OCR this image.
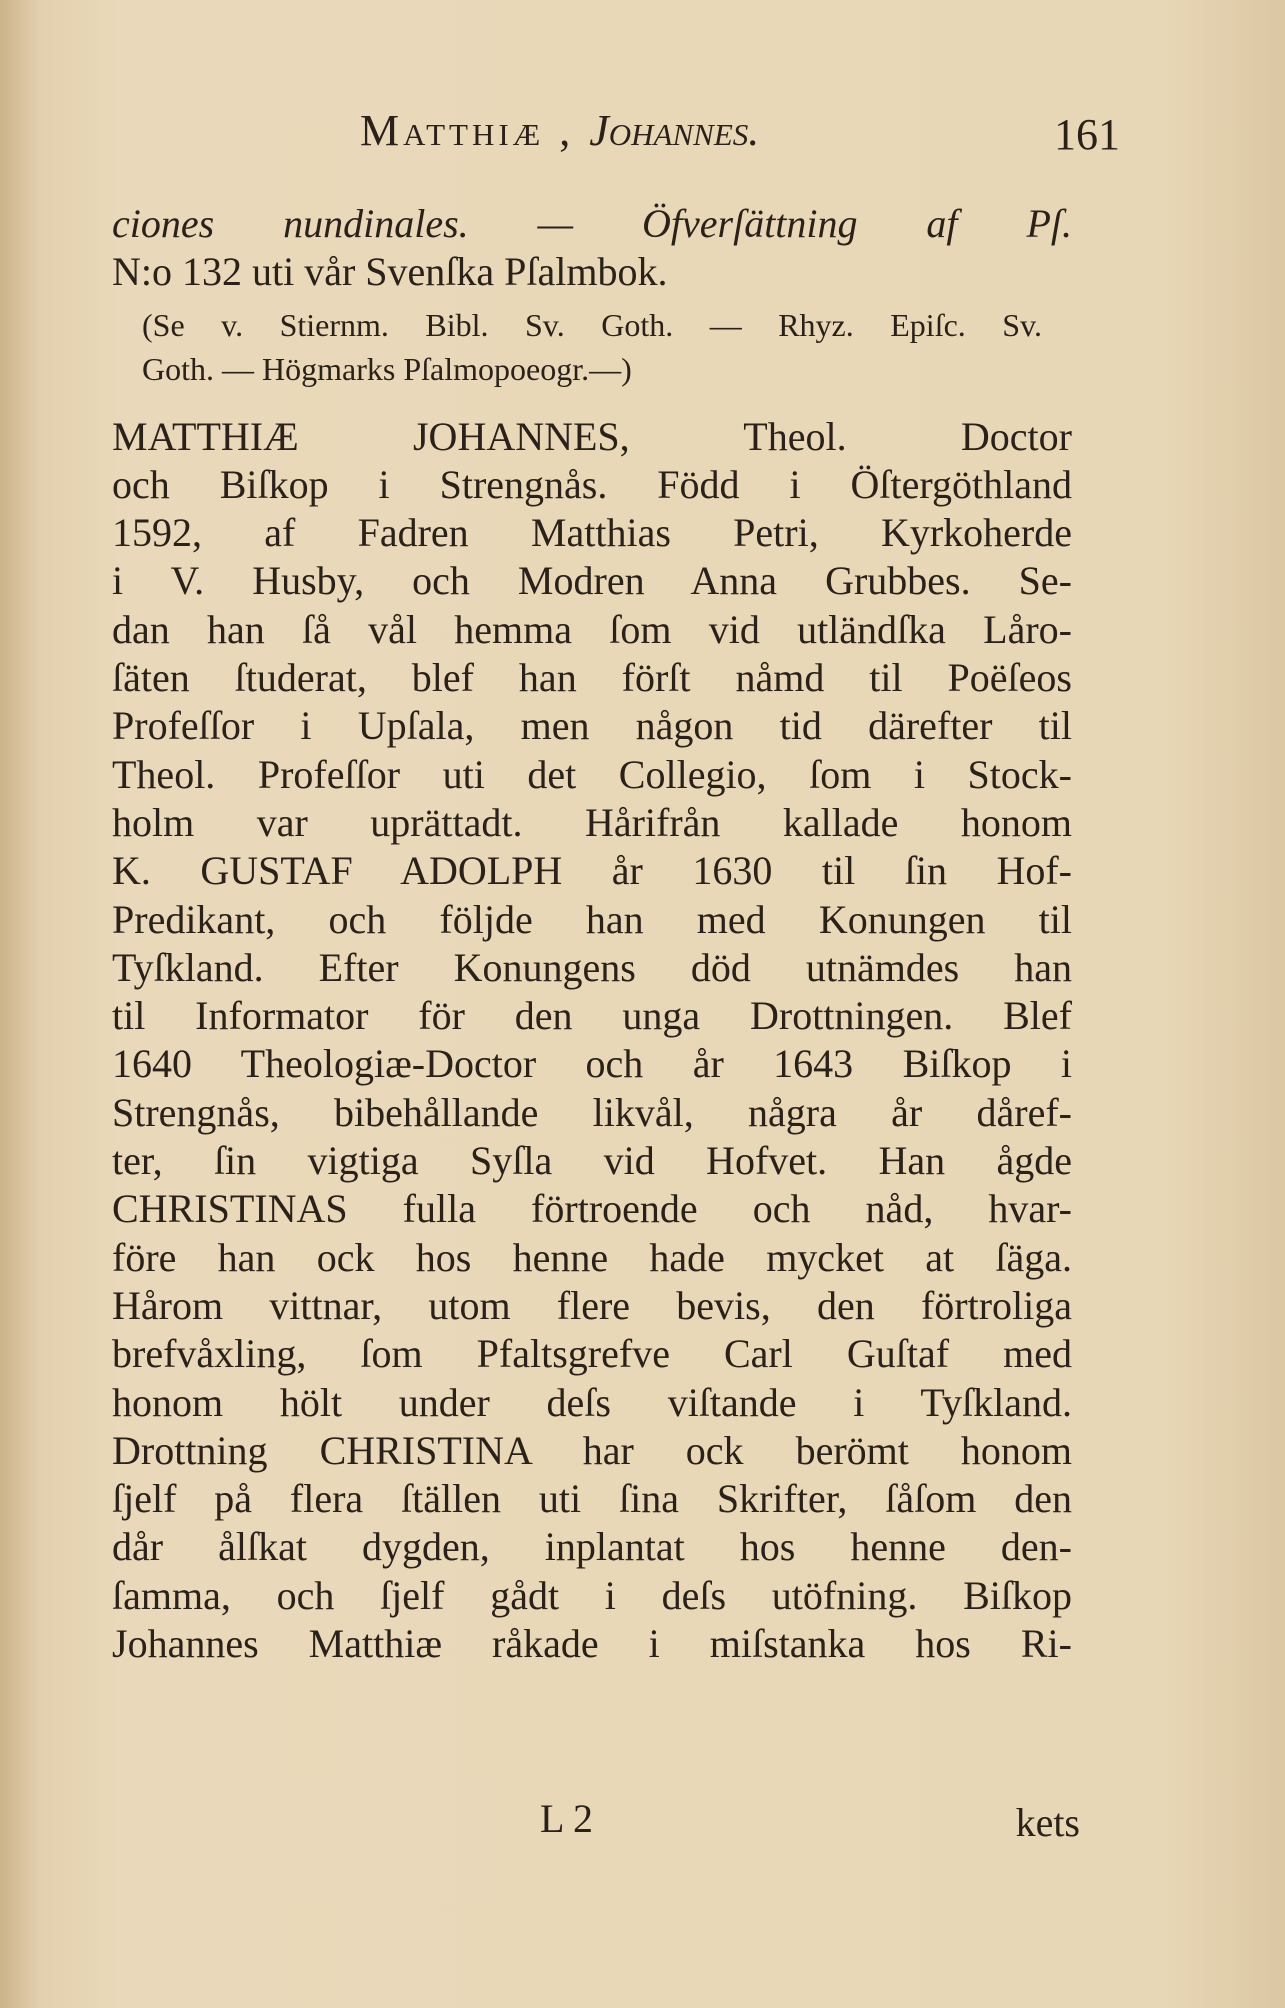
Matthiæ , Johannes.	161
ciones nundinales. — Öfverſättning af Pſ.
N:o 132 uti vår Svenſka Pſalmbok.
(Se v. Stiernm. Bibl. Sv. Goth. — Rhyz. Epiſc. Sv.
Goth. — Högmarks Pſalmopoeogr.—)
MATTHIÆ JOHANNES, Theol. Doctor
och Biſkop i Strengnås. Född i Öſtergöthland
1592, af Fadren Matthias Petri, Kyrkoherde
i V. Husby, och Modren Anna Grubbes. Se-
dan han ſå vål hemma ſom vid utländſka Låro-
ſäten ſtuderat, blef han förſt nåmd til Poëſeos
Profeſſor i Upſala, men någon tid därefter til
Theol. Profeſſor uti det Collegio, ſom i Stock-
holm var uprättadt. Hårifrån kallade honom
K. GUSTAF ADOLPH år 1630 til ſin Hof-
Predikant, och följde han med Konungen til
Tyſkland. Efter Konungens död utnämdes han
til Informator för den unga Drottningen. Blef
1640 Theologiæ-Doctor och år 1643 Biſkop i
Strengnås, bibehållande likvål, några år dåref-
ter, ſin vigtiga Syſla vid Hofvet. Han ågde
CHRISTINAS fulla förtroende och nåd, hvar-
före han ock hos henne hade mycket at ſäga.
Hårom vittnar, utom flere bevis, den förtroliga
brefvåxling, ſom Pfaltsgrefve Carl Guſtaf med
honom hölt under deſs viſtande i Tyſkland.
Drottning CHRISTINA har ock berömt honom
ſjelf på flera ſtällen uti ſina Skrifter, ſåſom den
dår ålſkat dygden, inplantat hos henne den-
ſamma, och ſjelf gådt i deſs utöfning. Biſkop
Johannes Matthiæ råkade i miſstanka hos Ri-
L 2	kets
